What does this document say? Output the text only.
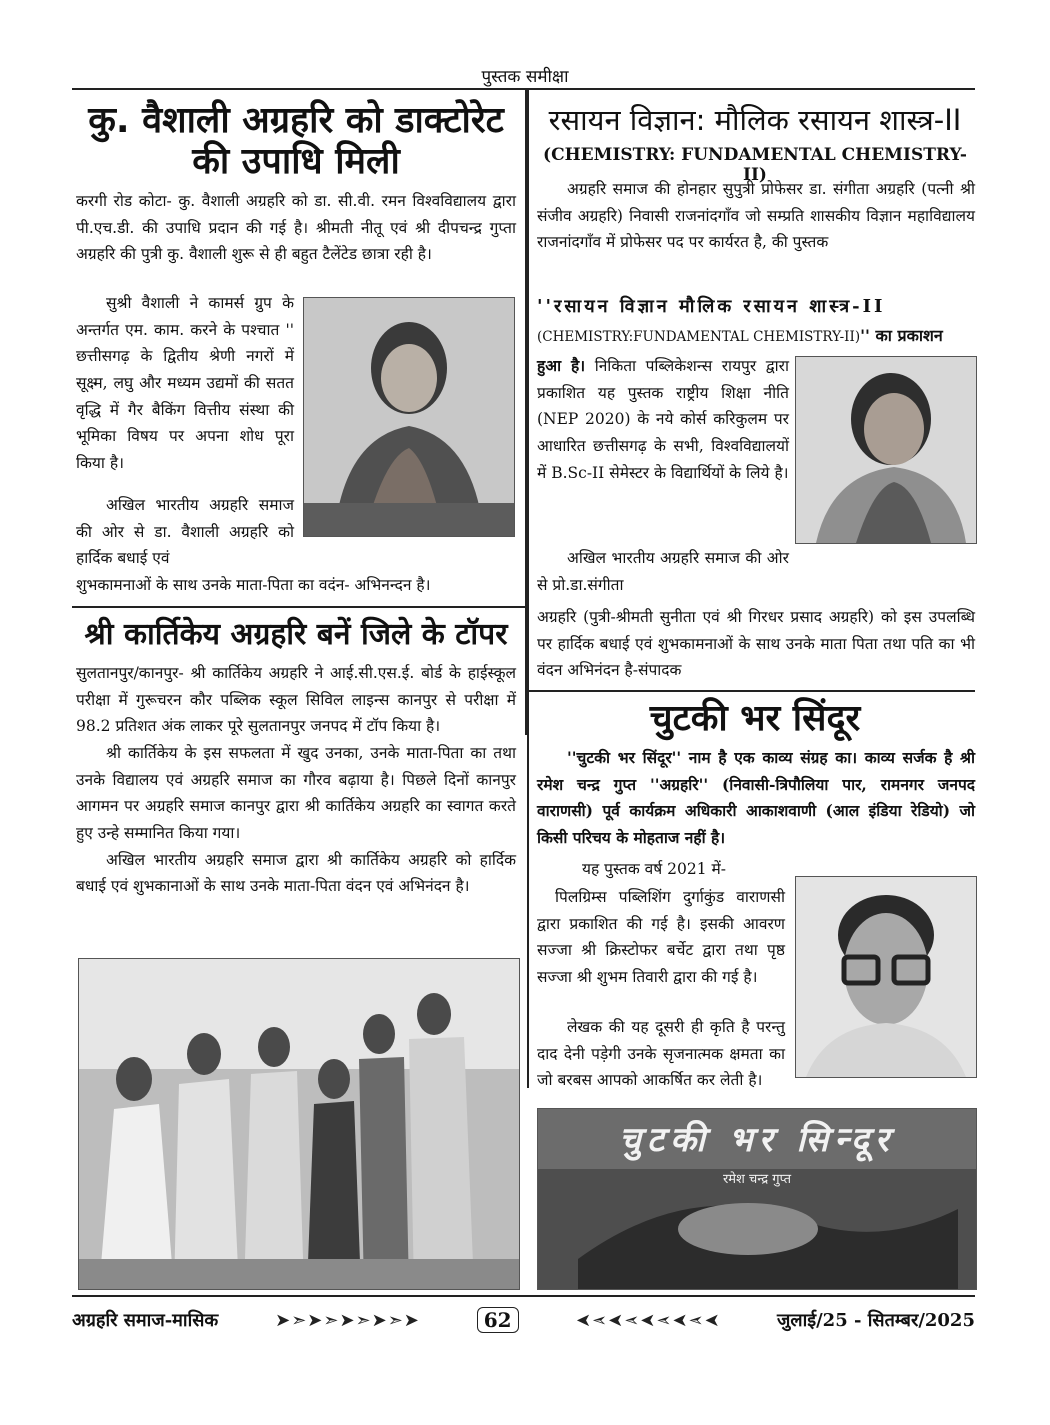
पुस्तक समीक्षा
कु. वैशाली अग्रहरि को डाक्टोरेट की उपाधि मिली

करगी रोड कोटा- कु. वैशाली अग्रहरि को डा. सी.वी. रमन विश्वविद्यालय द्वारा पी.एच.डी. की उपाधि प्रदान की गई है। श्रीमती नीतू एवं श्री दीपचन्द्र गुप्ता अग्रहरि की पुत्री कु. वैशाली शुरू से ही बहुत टैलेंटेड छात्रा रही है।

सुश्री वैशाली ने कामर्स ग्रुप के अन्तर्गत एम. काम. करने के पश्चात '' छत्तीसगढ़ के द्वितीय श्रेणी नगरों में सूक्ष्म, लघु और मध्यम उद्यमों की सतत वृद्धि में गैर बैकिंग वित्तीय संस्था की भूमिका विषय पर अपना शोध पूरा किया है।
अखिल भारतीय अग्रहरि समाज की ओर से डा. वैशाली अग्रहरि को हार्दिक बधाई एवं
शुभकामनाओं के साथ उनके माता-पिता का वदंन- अभिनन्दन है।
श्री कार्तिकेय अग्रहरि बनें जिले के टॉपर

सुलतानपुर/कानपुर- श्री कार्तिकेय अग्रहरि ने आई.सी.एस.ई. बोर्ड के हाईस्कूल परीक्षा में गुरूचरन कौर पब्लिक स्कूल सिविल लाइन्स कानपुर से परीक्षा में 98.2 प्रतिशत अंक लाकर पूरे सुलतानपुर जनपद में टॉप किया है।

श्री कार्तिकेय के इस सफलता में खुद उनका, उनके माता-पिता का तथा उनके विद्यालय एवं अग्रहरि समाज का गौरव बढ़ाया है। पिछले दिनों कानपुर आगमन पर अग्रहरि समाज कानपुर द्वारा श्री कार्तिकेय अग्रहरि का स्वागत करते हुए उन्हे सम्मानित किया गया।

अखिल भारतीय अग्रहरि समाज द्वारा श्री कार्तिकेय अग्रहरि को हार्दिक बधाई एवं शुभकानाओं के साथ उनके माता-पिता वंदन एवं अभिनंदन है।

रसायन विज्ञान: मौलिक रसायन शास्त्र-II
(CHEMISTRY: FUNDAMENTAL CHEMISTRY-II)
अग्रहरि समाज की होनहार सुपुत्री प्रोफेसर डा. संगीता अग्रहरि (पत्नी श्री संजीव अग्रहरि) निवासी राजनांदगाँव जो सम्प्रति शासकीय विज्ञान महाविद्यालय राजनांदगाँव में प्रोफेसर पद पर कार्यरत है, की पुस्तक
''रसायन विज्ञान मौलिक रसायन शास्त्र-II
(CHEMISTRY:FUNDAMENTAL CHEMISTRY-II)'' का प्रकाशन
हुआ है। निकिता पब्लिकेशन्स रायपुर द्वारा प्रकाशित यह पुस्तक राष्ट्रीय शिक्षा नीति (NEP 2020) के नये कोर्स करिकुलम पर आधारित छत्तीसगढ़ के सभी, विश्वविद्यालयों में B.Sc-II सेमेस्टर के विद्यार्थियों के लिये है।
अखिल भारतीय अग्रहरि समाज की ओर से प्रो.डा.संगीता
अग्रहरि (पुत्री-श्रीमती सुनीता एवं श्री गिरधर प्रसाद अग्रहरि) को इस उपलब्धि पर हार्दिक बधाई एवं शुभकामनाओं के साथ उनके माता पिता तथा पति का भी वंदन अभिनंदन है-संपादक
चुटकी भर सिंदूर
''चुटकी भर सिंदूर'' नाम है एक काव्य संग्रह का। काव्य सर्जक है श्री रमेश चन्द्र गुप्त ''अग्रहरि'' (निवासी-त्रिपौलिया पार, रामनगर जनपद वाराणसी) पूर्व कार्यक्रम अधिकारी आकाशवाणी (आल इंडिया रेडियो) जो किसी परिचय के मोहताज नहीं है।
यह पुस्तक वर्ष 2021 में-
पिलग्रिम्स पब्लिशिंग दुर्गाकुंड वाराणसी द्वारा प्रकाशित की गई है। इसकी आवरण सज्जा श्री क्रिस्टोफर बर्चेट द्वारा तथा पृष्ठ सज्जा श्री शुभम तिवारी द्वारा की गई है।
लेखक की यह दूसरी ही कृति है परन्तु दाद देनी पड़ेगी उनके सृजनात्मक क्षमता का जो बरबस आपको आकर्षित कर लेती है।
चुटकी भर सिन्दूर
रमेश चन्द्र गुप्त
अग्रहरि समाज-मासिक	➤➣➤➣➤➣➤➣➤	62	➤➣➤➣➤➣➤➣➤	जुलाई/25 - सितम्बर/2025
